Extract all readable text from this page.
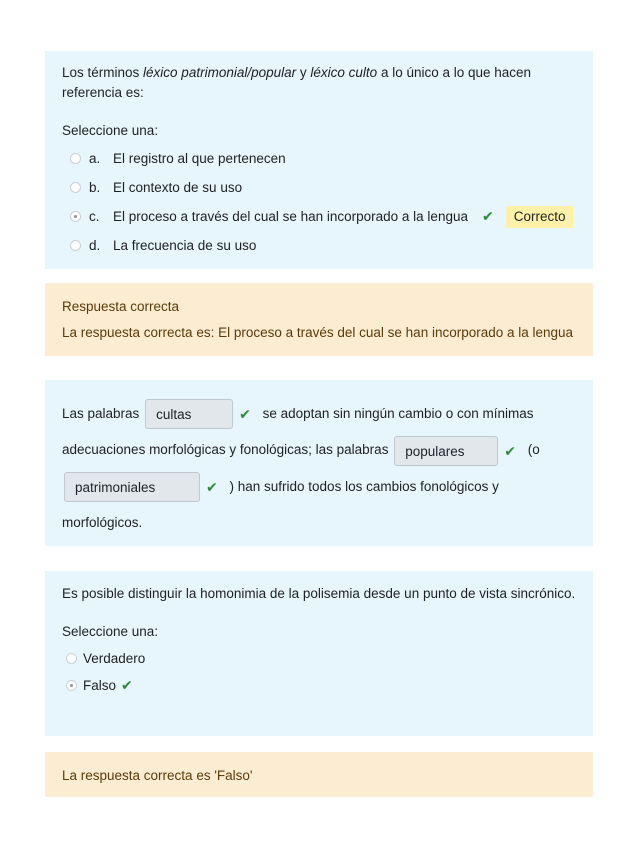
Los términos léxico patrimonial/popular y léxico culto a lo único a lo que hacen referencia es:
Seleccione una:
a. El registro al que pertenecen
b. El contexto de su uso
c. El proceso a través del cual se han incorporado a la lengua ✔	Correcto
d. La frecuencia de su uso
Respuesta correcta
La respuesta correcta es: El proceso a través del cual se han incorporado a la lengua
Las palabras cultas	✔ se adoptan sin ningún cambio o con mínimas adecuaciones morfológicas y fonológicas; las palabras populares	✔ (o patrimoniales	✔ ) han sufrido todos los cambios fonológicos y morfológicos.
Es posible distinguir la homonimia de la polisemia desde un punto de vista sincrónico.
Seleccione una:
Verdadero
Falso ✔
La respuesta correcta es 'Falso'
